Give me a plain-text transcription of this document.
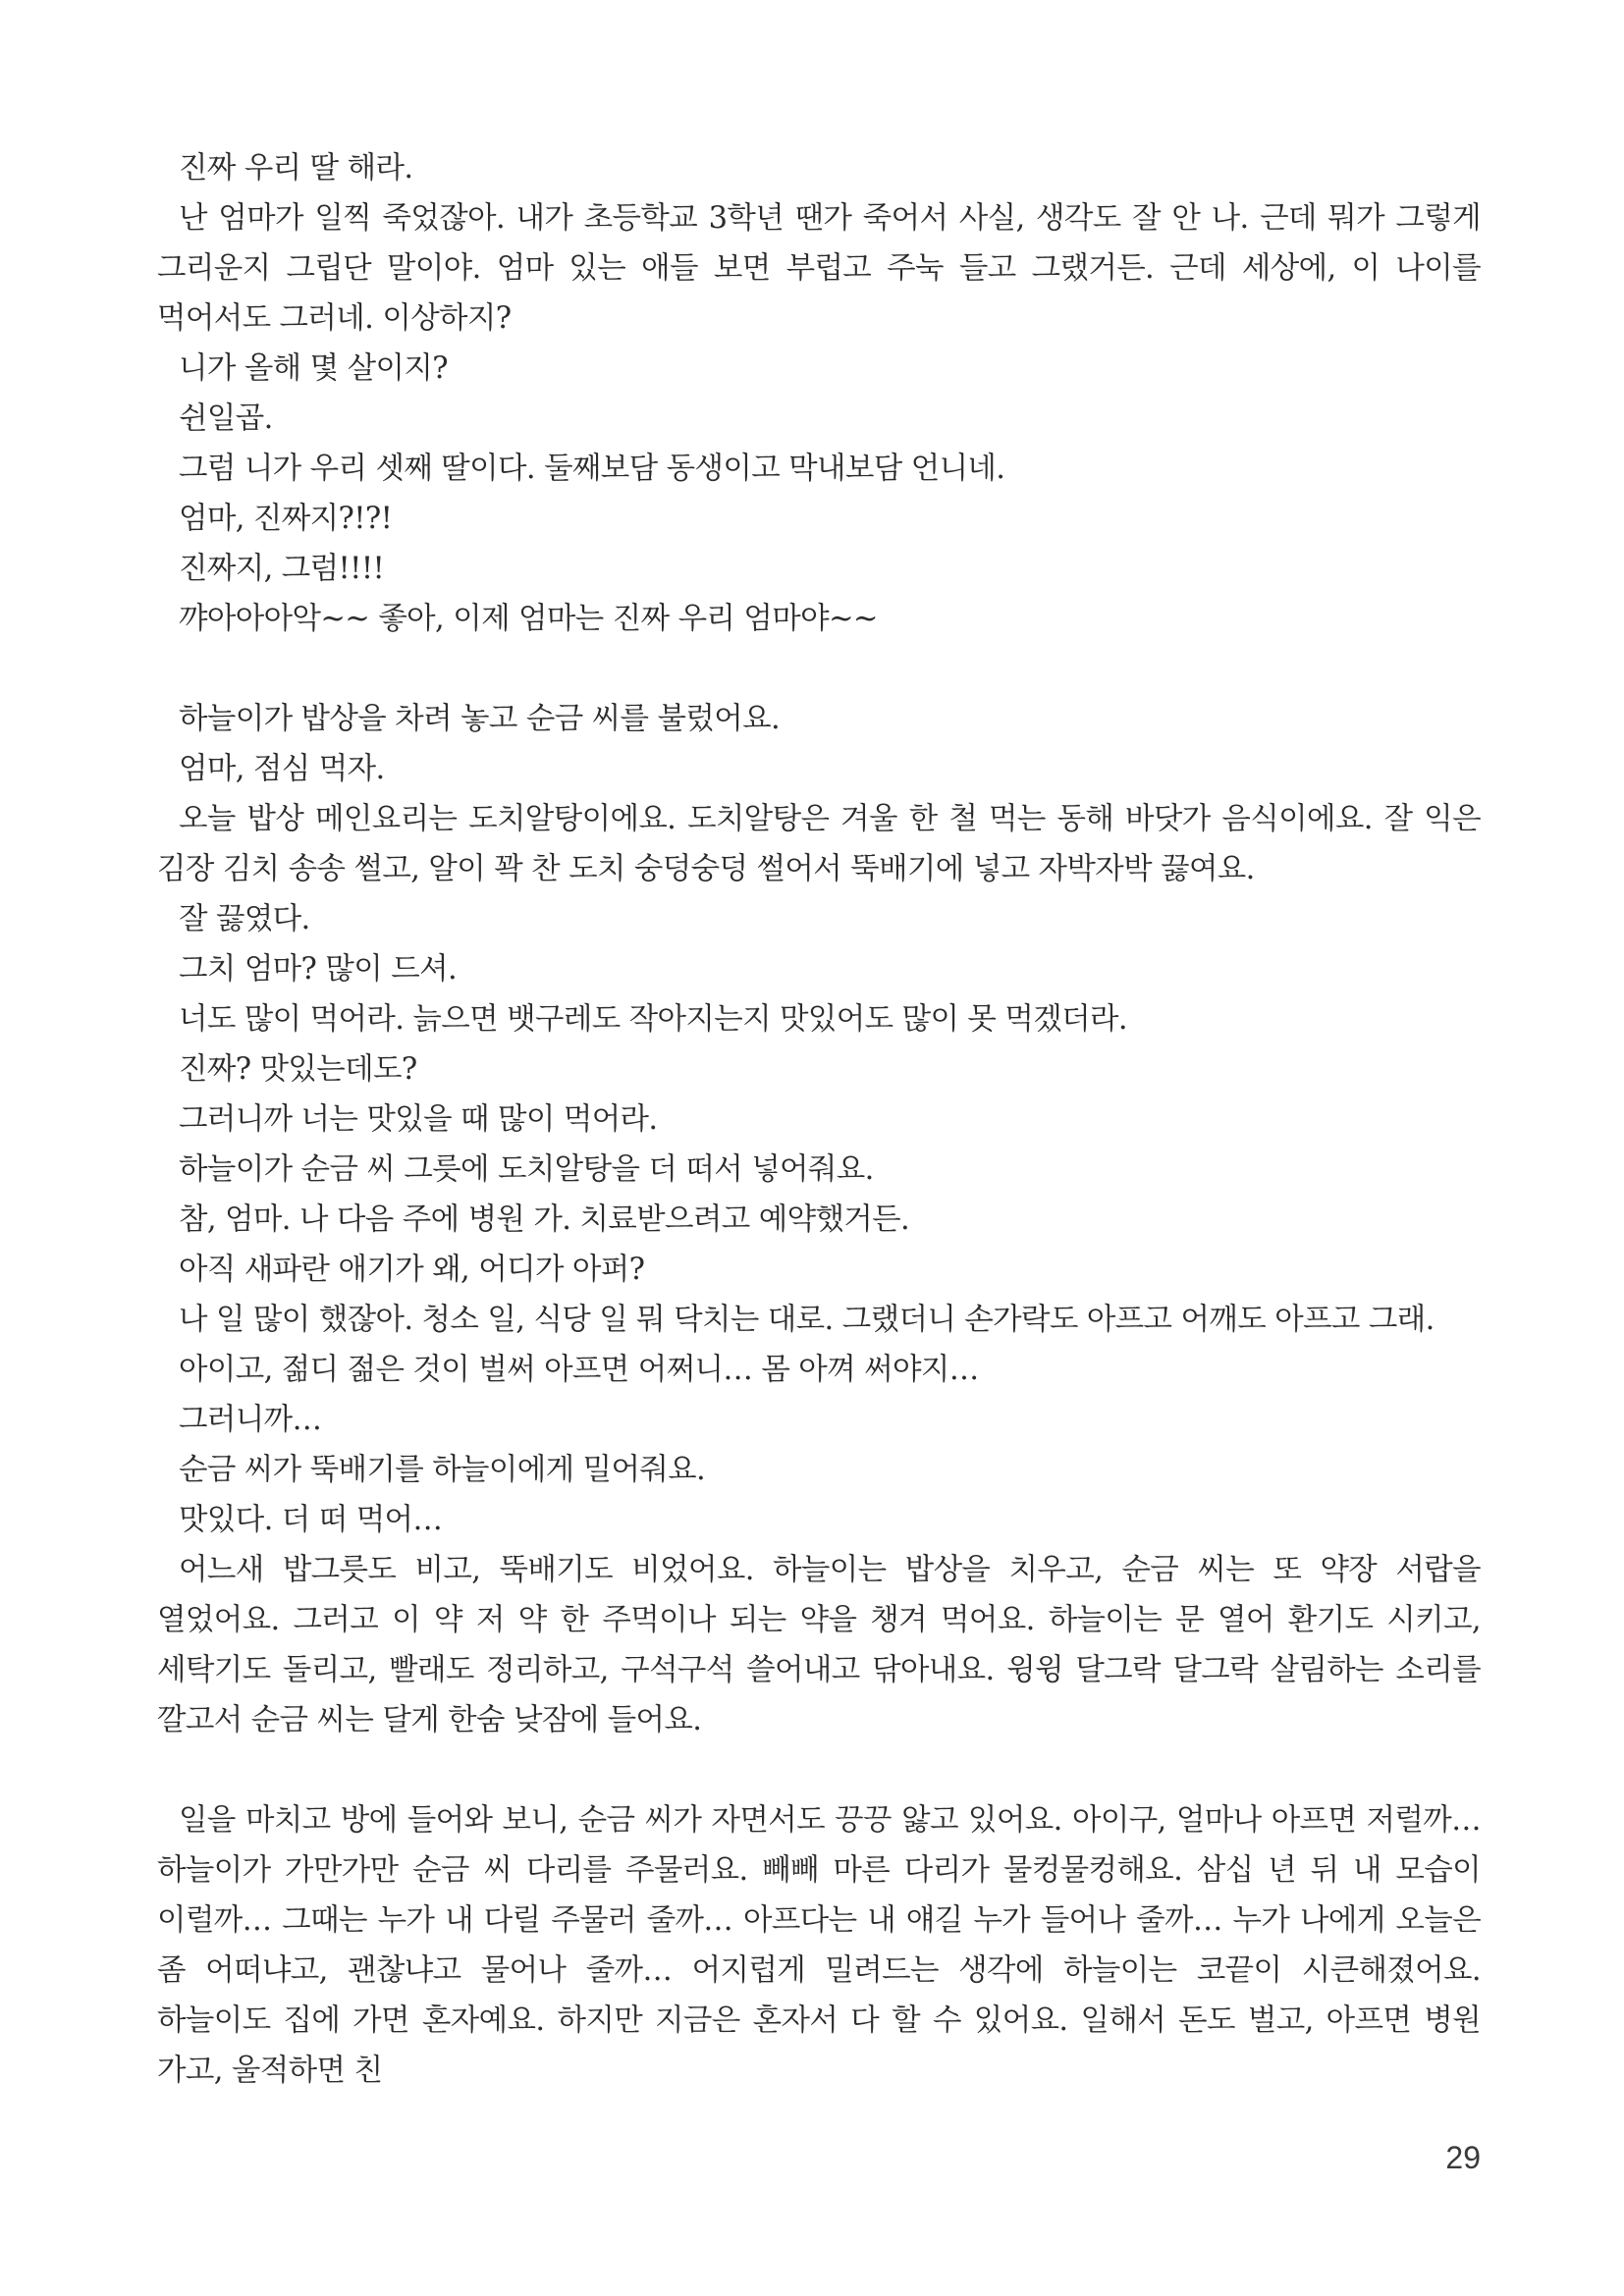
진짜 우리 딸 해라.

난 엄마가 일찍 죽었잖아. 내가 초등학교 3학년 땐가 죽어서 사실, 생각도 잘 안 나. 근데 뭐가 그렇게 그리운지 그립단 말이야. 엄마 있는 애들 보면 부럽고 주눅 들고 그랬거든. 근데 세상에, 이 나이를 먹어서도 그러네. 이상하지?

니가 올해 몇 살이지?

쉰일곱.

그럼 니가 우리 셋째 딸이다. 둘째보담 동생이고 막내보담 언니네.

엄마, 진짜지?!?!

진짜지, 그럼!!!!

꺄아아아악~~ 좋아, 이제 엄마는 진짜 우리 엄마야~~

하늘이가 밥상을 차려 놓고 순금 씨를 불렀어요.

엄마, 점심 먹자.

오늘 밥상 메인요리는 도치알탕이에요. 도치알탕은 겨울 한 철 먹는 동해 바닷가 음식이에요. 잘 익은 김장 김치 송송 썰고, 알이 꽉 찬 도치 숭덩숭덩 썰어서 뚝배기에 넣고 자박자박 끓여요.

잘 끓였다.

그치 엄마? 많이 드셔.

너도 많이 먹어라. 늙으면 뱃구레도 작아지는지 맛있어도 많이 못 먹겠더라.

진짜? 맛있는데도?

그러니까 너는 맛있을 때 많이 먹어라.

하늘이가 순금 씨 그릇에 도치알탕을 더 떠서 넣어줘요.

참, 엄마. 나 다음 주에 병원 가. 치료받으려고 예약했거든.

아직 새파란 애기가 왜, 어디가 아퍼?

나 일 많이 했잖아. 청소 일, 식당 일 뭐 닥치는 대로. 그랬더니 손가락도 아프고 어깨도 아프고 그래.

아이고, 젊디 젊은 것이 벌써 아프면 어쩌니… 몸 아껴 써야지…

그러니까…

순금 씨가 뚝배기를 하늘이에게 밀어줘요.

맛있다. 더 떠 먹어…

어느새 밥그릇도 비고, 뚝배기도 비었어요. 하늘이는 밥상을 치우고, 순금 씨는 또 약장 서랍을 열었어요. 그러고 이 약 저 약 한 주먹이나 되는 약을 챙겨 먹어요. 하늘이는 문 열어 환기도 시키고, 세탁기도 돌리고, 빨래도 정리하고, 구석구석 쓸어내고 닦아내요. 윙윙 달그락 달그락 살림하는 소리를 깔고서 순금 씨는 달게 한숨 낮잠에 들어요.

일을 마치고 방에 들어와 보니, 순금 씨가 자면서도 끙끙 앓고 있어요. 아이구, 얼마나 아프면 저럴까… 하늘이가 가만가만 순금 씨 다리를 주물러요. 빼빼 마른 다리가 물컹물컹해요. 삼십 년 뒤 내 모습이 이럴까… 그때는 누가 내 다릴 주물러 줄까… 아프다는 내 얘길 누가 들어나 줄까… 누가 나에게 오늘은 좀 어떠냐고, 괜찮냐고 물어나 줄까… 어지럽게 밀려드는 생각에 하늘이는 코끝이 시큰해졌어요. 하늘이도 집에 가면 혼자예요. 하지만 지금은 혼자서 다 할 수 있어요. 일해서 돈도 벌고, 아프면 병원 가고, 울적하면 친

29
